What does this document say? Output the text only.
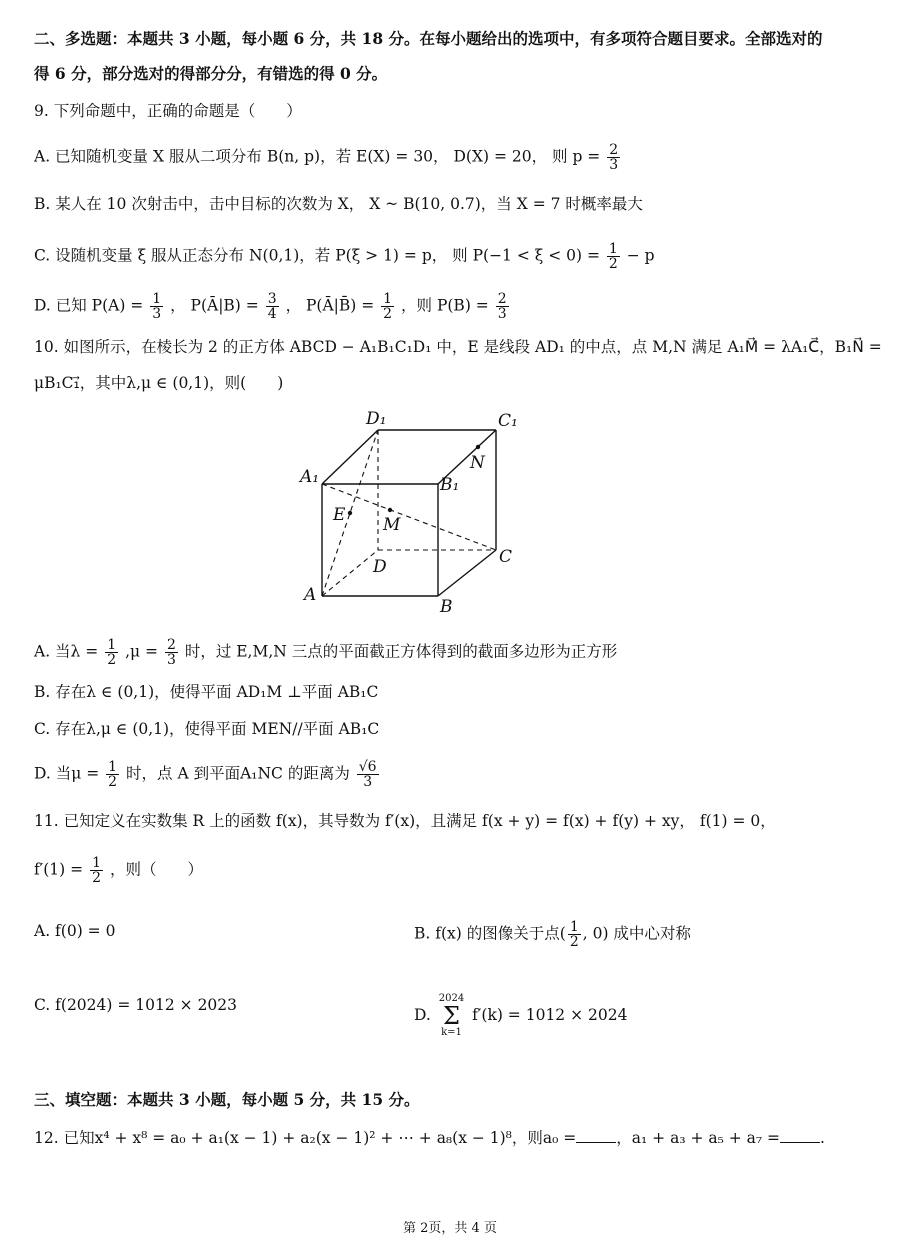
二、多选题：本题共 3 小题，每小题 6 分，共 18 分。在每小题给出的选项中，有多项符合题目要求。全部选对的
得 6 分，部分选对的得部分分，有错选的得 0 分。
9. 下列命题中，正确的命题是（　　）
A. 已知随机变量 X 服从二项分布 B(n, p)，若 E(X) = 30， D(X) = 20， 则 $p = \frac{2}{3}$
B. 某人在 10 次射击中，击中目标的次数为 X， X ~ B(10, 0.7)，当 X = 7 时概率最大
C. 设随机变量 ξ 服从正态分布 N(0,1)，若 P(ξ > 1) = p， 则 $P(-1 < \xi < 0) = \frac{1}{2} - p$
D. 已知 $P(A) = \frac{1}{3}$ ， P(Ā|B) = $\frac{3}{4}$ ， P(Ā|B̄) = $\frac{1}{2}$ ，则 $P(B) = \frac{2}{3}$
10. 如图所示，在棱长为 2 的正方体 ABCD − A₁B₁C₁D₁ 中，E 是线段 AD₁ 的中点，点 M,N 满足 A₁M⃗ = λA₁C⃗，B₁N⃗ =
μB₁C₁⃗，其中λ,μ ∈ (0,1)，则(　　)
D₁	C₁
A₁	B₁
N
E M
D	C
A
B
A. 当$\lambda = \frac{1}{2} ,\mu = \frac{2}{3}$ 时，过 E,M,N 三点的平面截正方体得到的截面多边形为正方形
B. 存在λ ∈ (0,1)，使得平面 AD₁M ⊥平面 AB₁C
C. 存在λ,μ ∈ (0,1)，使得平面 MEN//平面 AB₁C
D. 当$\mu = \frac{1}{2}$ 时，点 A 到平面A₁NC 的距离为 $\frac{√6}{3}$
11. 已知定义在实数集 R 上的函数 f(x)，其导数为 f′(x)，且满足 f(x + y) = f(x) + f(y) + xy， f(1) = 0，
$f'(1) = \frac{1}{2}$ ，则（　　）
A. f(0) = 0	B. f(x) 的图像关于点( $\frac{1}{2}$ , 0) 成中心对称
C. f(2024) = 1012 × 2023
D.
2024
Σ
k=1
f′(k) = 1012 × 2024
三、填空题：本题共 3 小题，每小题 5 分，共 15 分。
12. 已知x⁴ + x⁸ = a₀ + a₁(x − 1) + a₂(x − 1)² + ⋯ + a₈(x − 1)⁸，则a₀ =	，a₁ + a₃ + a₅ + a₇ =	.
第 2页，共 4 页
